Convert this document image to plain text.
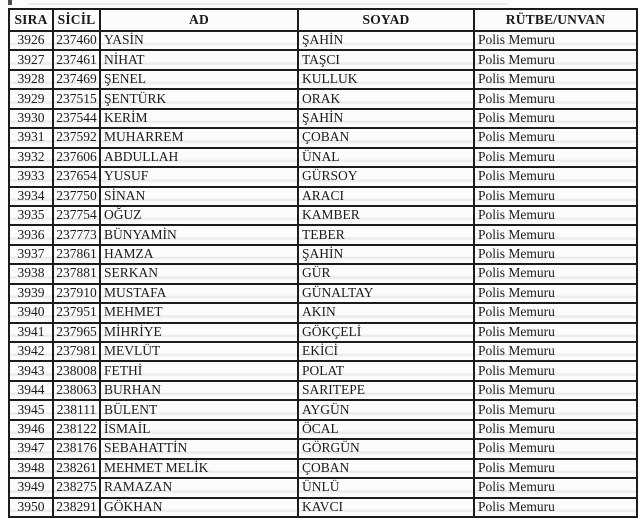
SIRA	SİCİL	AD	SOYAD	RÜTBE/UNVAN
3926	237460	YASİN	ŞAHİN	Polis Memuru
3927	237461	NİHAT	TAŞCI	Polis Memuru
3928	237469	ŞENEL	KULLUK	Polis Memuru
3929	237515	ŞENTÜRK	ORAK	Polis Memuru
3930	237544	KERİM	ŞAHİN	Polis Memuru
3931	237592	MUHARREM	ÇOBAN	Polis Memuru
3932	237606	ABDULLAH	ÜNAL	Polis Memuru
3933	237654	YUSUF	GÜRSOY	Polis Memuru
3934	237750	SİNAN	ARACI	Polis Memuru
3935	237754	OĞUZ	KAMBER	Polis Memuru
3936	237773	BÜNYAMİN	TEBER	Polis Memuru
3937	237861	HAMZA	ŞAHİN	Polis Memuru
3938	237881	SERKAN	GÜR	Polis Memuru
3939	237910	MUSTAFA	GÜNALTAY	Polis Memuru
3940	237951	MEHMET	AKIN	Polis Memuru
3941	237965	MİHRİYE	GÖKÇELİ	Polis Memuru
3942	237981	MEVLÜT	EKİCİ	Polis Memuru
3943	238008	FETHİ	POLAT	Polis Memuru
3944	238063	BURHAN	SARITEPE	Polis Memuru
3945	238111	BÜLENT	AYGÜN	Polis Memuru
3946	238122	İSMAİL	ÖCAL	Polis Memuru
3947	238176	SEBAHATTİN	GÖRGÜN	Polis Memuru
3948	238261	MEHMET MELİK	ÇOBAN	Polis Memuru
3949	238275	RAMAZAN	ÜNLÜ	Polis Memuru
3950	238291	GÖKHAN	KAVCI	Polis Memuru
